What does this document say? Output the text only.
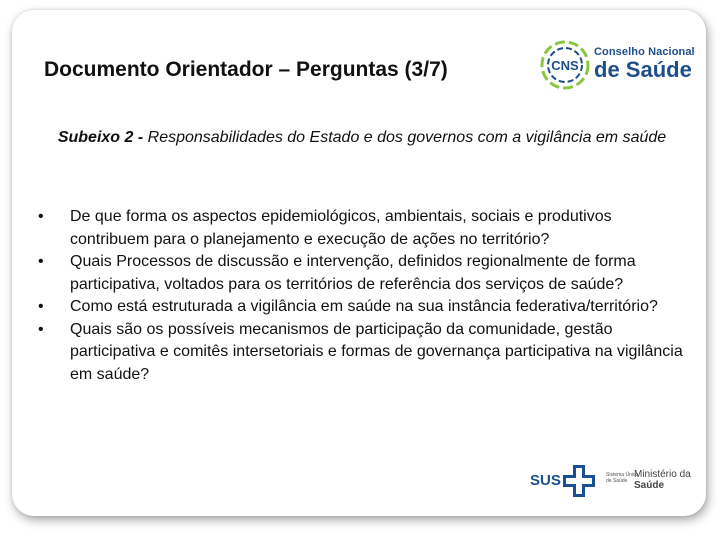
Documento Orientador – Perguntas (3/7)	CNS
Conselho Nacional
de Saúde
Subeixo 2 - Responsabilidades do Estado e dos governos com a vigilância em saúde
• De que forma os aspectos epidemiológicos, ambientais, sociais e produtivos contribuem para o planejamento e execução de ações no território?
• Quais Processos de discussão e intervenção, definidos regionalmente de forma participativa, voltados para os territórios de referência dos serviços de saúde?
• Como está estruturada a vigilância em saúde na sua instância federativa/território?
• Quais são os possíveis mecanismos de participação da comunidade, gestão participativa e comitês intersetoriais e formas de governança participativa na vigilância em saúde?
SUS	Sistema Único de Saúde
Ministério da
Saúde
